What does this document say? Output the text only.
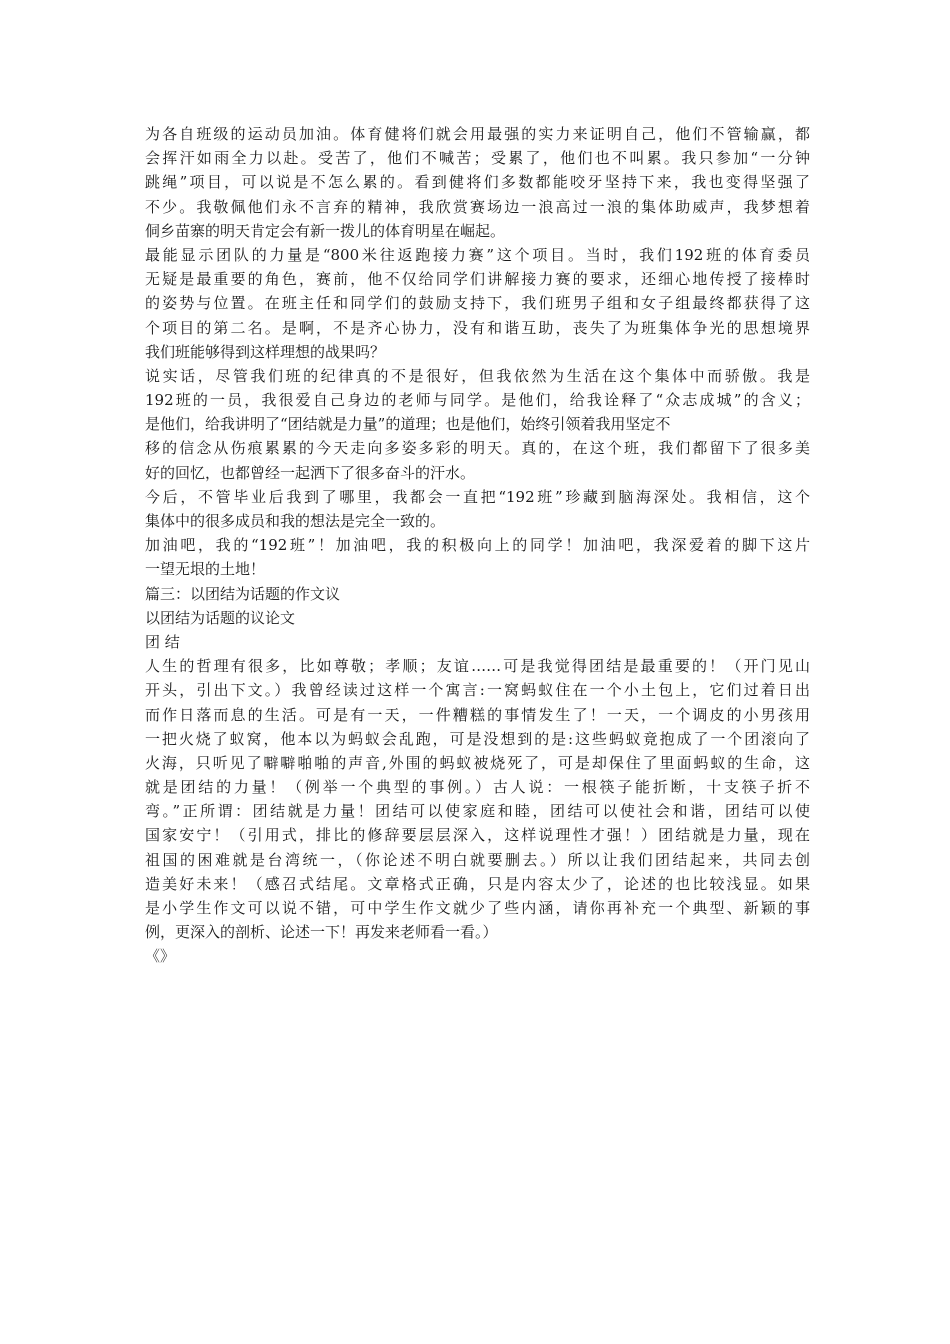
为各自班级的运动员加油。体育健将们就会用最强的实力来证明自己，他们不管输赢，都
会挥汗如雨全力以赴。受苦了，他们不喊苦；受累了，他们也不叫累。我只参加“一分钟
跳绳”项目，可以说是不怎么累的。看到健将们多数都能咬牙坚持下来，我也变得坚强了
不少。我敬佩他们永不言弃的精神，我欣赏赛场边一浪高过一浪的集体助威声，我梦想着
侗乡苗寨的明天肯定会有新一拨儿的体育明星在崛起。
最能显示团队的力量是“800米往返跑接力赛”这个项目。当时，我们192班的体育委员
无疑是最重要的角色，赛前，他不仅给同学们讲解接力赛的要求，还细心地传授了接棒时
的姿势与位置。在班主任和同学们的鼓励支持下，我们班男子组和女子组最终都获得了这
个项目的第二名。是啊，不是齐心协力，没有和谐互助，丧失了为班集体争光的思想境界
我们班能够得到这样理想的战果吗？
说实话，尽管我们班的纪律真的不是很好，但我依然为生活在这个集体中而骄傲。我是
192班的一员，我很爱自己身边的老师与同学。是他们，给我诠释了“众志成城”的含义；
是他们，给我讲明了“团结就是力量”的道理；也是他们，始终引领着我用坚定不
移的信念从伤痕累累的今天走向多姿多彩的明天。真的，在这个班，我们都留下了很多美
好的回忆，也都曾经一起洒下了很多奋斗的汗水。
今后，不管毕业后我到了哪里，我都会一直把“192班”珍藏到脑海深处。我相信，这个
集体中的很多成员和我的想法是完全一致的。
加油吧，我的“192班”！加油吧，我的积极向上的同学！加油吧，我深爱着的脚下这片
一望无垠的土地！
篇三：以团结为话题的作文议
以团结为话题的议论文
团 结
人生的哲理有很多，比如尊敬；孝顺；友谊……可是我觉得团结是最重要的！（开门见山
开头，引出下文。）我曾经读过这样一个寓言:一窝蚂蚁住在一个小土包上，它们过着日出
而作日落而息的生活。可是有一天，一件糟糕的事情发生了！一天，一个调皮的小男孩用
一把火烧了蚁窝，他本以为蚂蚁会乱跑，可是没想到的是:这些蚂蚁竟抱成了一个团滚向了
火海，只听见了噼噼啪啪的声音,外围的蚂蚁被烧死了，可是却保住了里面蚂蚁的生命，这
就是团结的力量！（例举一个典型的事例。）古人说：一根筷子能折断，十支筷子折不
弯。”正所谓：团结就是力量！团结可以使家庭和睦，团结可以使社会和谐，团结可以使
国家安宁！（引用式，排比的修辞要层层深入，这样说理性才强！）团结就是力量，现在
祖国的困难就是台湾统一，（你论述不明白就要删去。）所以让我们团结起来，共同去创
造美好未来！（感召式结尾。文章格式正确，只是内容太少了，论述的也比较浅显。如果
是小学生作文可以说不错，可中学生作文就少了些内涵，请你再补充一个典型、新颖的事
例，更深入的剖析、论述一下！再发来老师看一看。）
《》
